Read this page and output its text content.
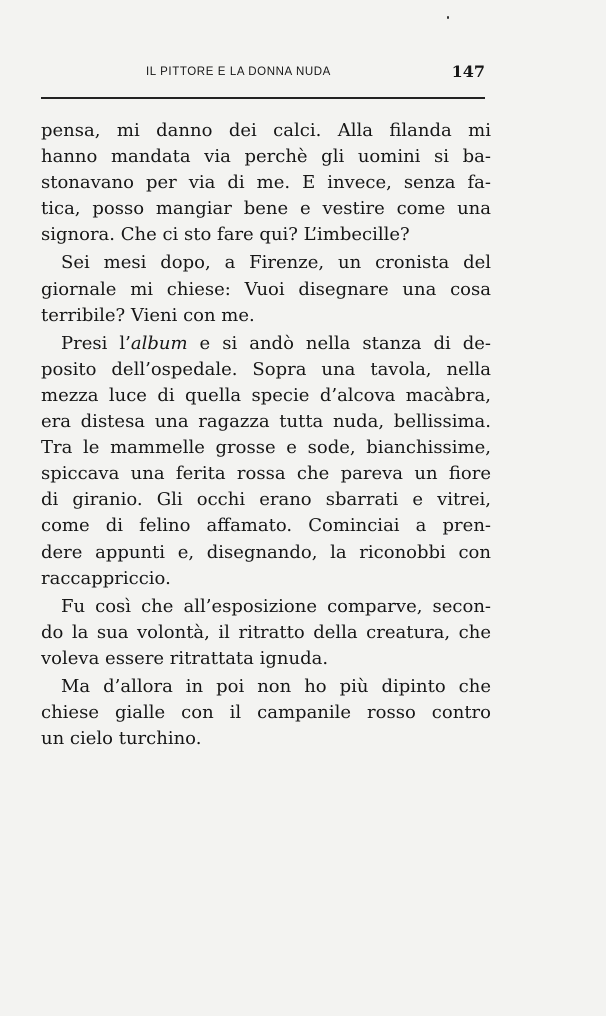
IL PITTORE E LA DONNA NUDA	147
pensa, mi danno dei calci. Alla filanda mi
hanno mandata via perchè gli uomini si ba-
stonavano per via di me. E invece, senza fa-
tica, posso mangiar bene e vestire come una
signora. Che ci sto fare qui? L’imbecille?
Sei mesi dopo, a Firenze, un cronista del
giornale mi chiese: Vuoi disegnare una cosa
terribile? Vieni con me.
Presi l’album e si andò nella stanza di de-
posito dell’ospedale. Sopra una tavola, nella
mezza luce di quella specie d’alcova macàbra,
era distesa una ragazza tutta nuda, bellissima.
Tra le mammelle grosse e sode, bianchissime,
spiccava una ferita rossa che pareva un fiore
di giranio. Gli occhi erano sbarrati e vitrei,
come di felino affamato. Cominciai a pren-
dere appunti e, disegnando, la riconobbi con
raccappriccio.
Fu così che all’esposizione comparve, secon-
do la sua volontà, il ritratto della creatura, che
voleva essere ritrattata ignuda.
Ma d’allora in poi non ho più dipinto che
chiese gialle con il campanile rosso contro
un cielo turchino.
